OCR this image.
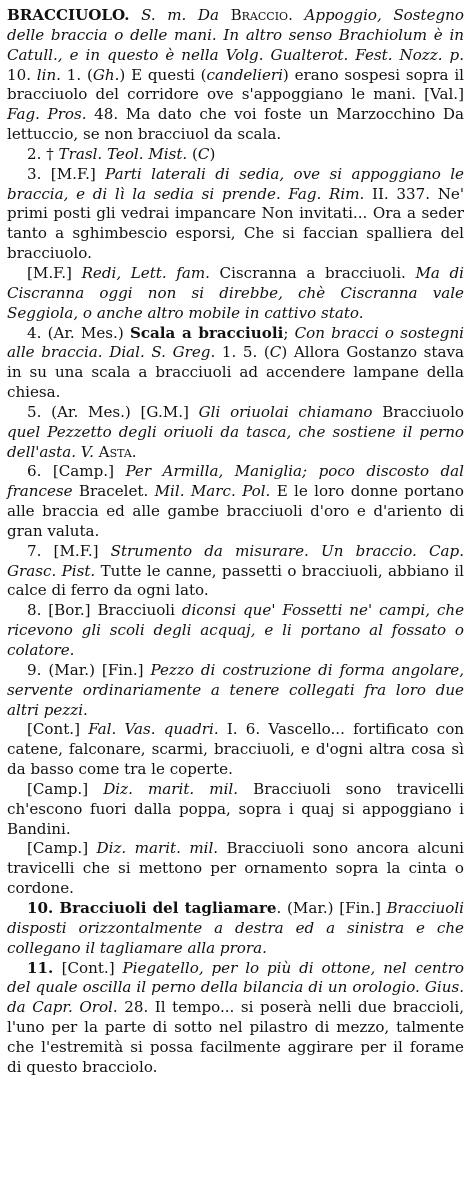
BRACCIUOLO. S. m. Da Braccio. Appoggio, Sostegno delle braccia o delle mani. In altro senso Brachiolum è in Catull., e in questo è nella Volg. Gualterot. Fest. Nozz. p. 10. lin. 1. (Gh.) E questi (candelieri) erano sospesi sopra il bracciuolo del corridore ove s'appoggiano le mani. [Val.] Fag. Pros. 48. Ma dato che voi foste un Marzocchino Da lettuccio, se non bracciuol da scala.

2. † Trasl. Teol. Mist. (C)

3. [M.F.] Parti laterali di sedia, ove si appoggiano le braccia, e di lì la sedia si prende. Fag. Rim. II. 337. Ne' primi posti gli vedrai impancare Non invitati... Ora a seder tanto a sghimbescio esporsi, Che si faccian spalliera del bracciuolo.

[M.F.] Redi, Lett. fam. Ciscranna a bracciuoli. Ma di Ciscranna oggi non si direbbe, chè Ciscranna vale Seggiola, o anche altro mobile in cattivo stato.

4. (Ar. Mes.) Scala a bracciuoli; Con bracci o sostegni alle braccia. Dial. S. Greg. 1. 5. (C) Allora Gostanzo stava in su una scala a bracciuoli ad accendere lampane della chiesa.

5. (Ar. Mes.) [G.M.] Gli oriuolai chiamano Bracciuolo quel Pezzetto degli oriuoli da tasca, che sostiene il perno dell'asta. V. Asta.

6. [Camp.] Per Armilla, Maniglia; poco discosto dal francese Bracelet. Mil. Marc. Pol. E le loro donne portano alle braccia ed alle gambe bracciuoli d'oro e d'ariento di gran valuta.

7. [M.F.] Strumento da misurare. Un braccio. Cap. Grasc. Pist. Tutte le canne, passetti o bracciuoli, abbiano il calce di ferro da ogni lato.

8. [Bor.] Bracciuoli diconsi que' Fossetti ne' campi, che ricevono gli scoli degli acquaj, e li portano al fossato o colatore.

9. (Mar.) [Fin.] Pezzo di costruzione di forma angolare, servente ordinariamente a tenere collegati fra loro due altri pezzi.

[Cont.] Fal. Vas. quadri. I. 6. Vascello... fortificato con catene, falconare, scarmi, bracciuoli, e d'ogni altra cosa sì da basso come tra le coperte.

[Camp.] Diz. marit. mil. Bracciuoli sono travicelli ch'escono fuori dalla poppa, sopra i quaj si appoggiano i Bandini.

[Camp.] Diz. marit. mil. Bracciuoli sono ancora alcuni travicelli che si mettono per ornamento sopra la cinta o cordone.

10. Bracciuoli del tagliamare. (Mar.) [Fin.] Bracciuoli disposti orizzontalmente a destra ed a sinistra e che collegano il tagliamare alla prora.

11. [Cont.] Piegatello, per lo più di ottone, nel centro del quale oscilla il perno della bilancia di un orologio. Gius. da Capr. Orol. 28. Il tempo... si poserà nelli due braccioli, l'uno per la parte di sotto nel pilastro di mezzo, talmente che l'estremità si possa facilmente aggirare per il forame di questo bracciolo.
